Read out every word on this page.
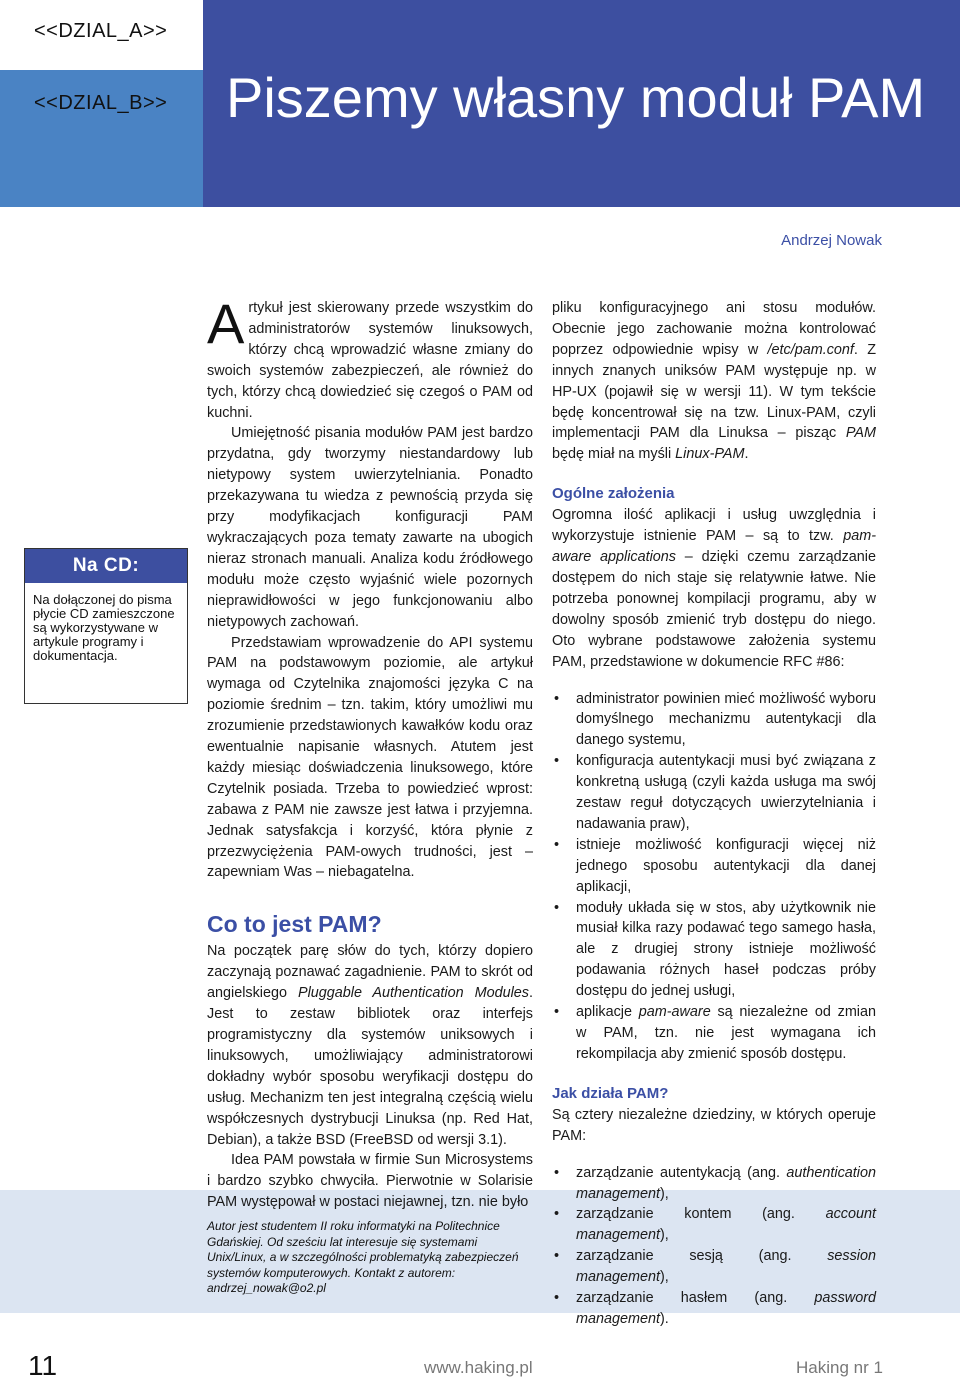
<<DZIAL_A>>
<<DZIAL_B>> Piszemy własny moduł PAM
Andrzej Nowak
Na CD:
Na dołączonej do pisma płycie CD zamieszczone są wykorzystywane w artykule programy i dokumentacja.
Autor jest studentem II roku informatyki na Politechnice Gdańskiej. Od sześciu lat interesuje się systemami Unix/Linux, a w szczególności problematyką zabezpieczeń systemów komputerowych. Kontakt z autorem: andrzej_nowak@o2.pl

Artykuł jest skierowany przede wszystkim do administratorów systemów linuksowych, którzy chcą wprowadzić własne zmiany do swoich systemów zabezpieczeń, ale również do tych, którzy chcą dowiedzieć się czegoś o PAM od kuchni.

Umiejętność pisania modułów PAM jest bardzo przydatna, gdy tworzymy niestandardowy lub nietypowy system uwierzytelniania. Ponadto przekazywana tu wiedza z pewnością przyda się przy modyfikacjach konfiguracji PAM wykraczających poza tematy zawarte na ubogich nieraz stronach manuali. Analiza kodu źródłowego modułu może często wyjaśnić wiele pozornych nieprawidłowości w jego funkcjonowaniu albo nietypowych zachowań.

Przedstawiam wprowadzenie do API systemu PAM na podstawowym poziomie, ale artykuł wymaga od Czytelnika znajomości języka C na poziomie średnim – tzn. takim, który umożliwi mu zrozumienie przedstawionych kawałków kodu oraz ewentualnie napisanie własnych. Atutem jest każdy miesiąc doświadczenia linuksowego, które Czytelnik posiada. Trzeba to powiedzieć wprost: zabawa z PAM nie zawsze jest łatwa i przyjemna. Jednak satysfakcja i korzyść, która płynie z przezwyciężenia PAM-owych trudności, jest – zapewniam Was – niebagatelna.

Co to jest PAM?

Na początek parę słów do tych, którzy dopiero zaczynają poznawać zagadnienie. PAM to skrót od angielskiego Pluggable Authentication Modules. Jest to zestaw bibliotek oraz interfejs programistyczny dla systemów uniksowych i linuksowych, umożliwiający administratorowi dokładny wybór sposobu weryfikacji dostępu do usług. Mechanizm ten jest integralną częścią wielu współczesnych dystrybucji Linuksa (np. Red Hat, Debian), a także BSD (FreeBSD od wersji 3.1).

Idea PAM powstała w firmie Sun Microsystems i bardzo szybko chwyciła. Pierwotnie w Solarisie PAM występował w postaci niejawnej, tzn. nie było

pliku konfiguracyjnego ani stosu modułów. Obecnie jego zachowanie można kontrolować poprzez odpowiednie wpisy w /etc/pam.conf. Z innych znanych uniksów PAM występuje np. w HP-UX (pojawił się w wersji 11). W tym tekście będę koncentrował się na tzw. Linux-PAM, czyli implementacji PAM dla Linuksa – pisząc PAM będę miał na myśli Linux-PAM.

Ogólne założenia

Ogromna ilość aplikacji i usług uwzględnia i wykorzystuje istnienie PAM – są to tzw. pam-aware applications – dzięki czemu zarządzanie dostępem do nich staje się relatywnie łatwe. Nie potrzeba ponownej kompilacji programu, aby w dowolny sposób zmienić tryb dostępu do niego. Oto wybrane podstawowe założenia systemu PAM, przedstawione w dokumencie RFC #86:

• administrator powinien mieć możliwość wyboru domyślnego mechanizmu autentykacji dla danego systemu,
• konfiguracja autentykacji musi być związana z konkretną usługą (czyli każda usługa ma swój zestaw reguł dotyczących uwierzytelniania i nadawania praw),
• istnieje możliwość konfiguracji więcej niż jednego sposobu autentykacji dla danej aplikacji,
• moduły układa się w stos, aby użytkownik nie musiał kilka razy podawać tego samego hasła, ale z drugiej strony istnieje możliwość podawania różnych haseł podczas próby dostępu do jednej usługi,
• aplikacje pam-aware są niezależne od zmian w PAM, tzn. nie jest wymagana ich rekompilacja aby zmienić sposób dostępu.
Jak działa PAM?

Są cztery niezależne dziedziny, w których operuje PAM:

• zarządzanie autentykacją (ang. authentication management),
• zarządzanie kontem (ang. account management),
• zarządzanie sesją (ang. session management),
• zarządzanie hasłem (ang. password management).
11	www.haking.pl	Haking nr 1
